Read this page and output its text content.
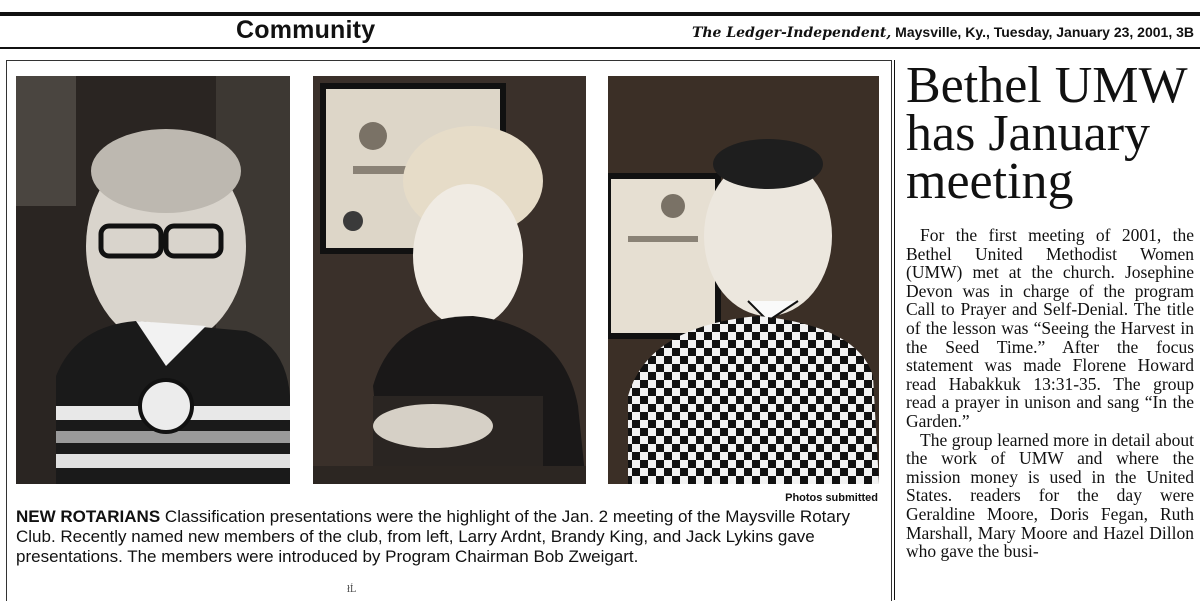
Community	The Ledger-Independent, Maysville, Ky., Tuesday, January 23, 2001, 3B
Photos submitted
NEW ROTARIANS Classification presentations were the highlight of the Jan. 2 meeting of the Maysville Rotary Club. Recently named new members of the club, from left, Larry Ardnt, Brandy King, and Jack Lykins gave presentations. The members were introduced by Program Chairman Bob Zweigart.
łĹ
Bethel UMW has January meeting

For the first meeting of 2001, the Bethel United Methodist Women (UMW) met at the church. Josephine Devon was in charge of the program Call to Prayer and Self-Denial. The title of the lesson was “Seeing the Harvest in the Seed Time.” After the focus statement was made Florene Howard read Habakkuk 13:31-35. The group read a prayer in unison and sang “In the Garden.”

The group learned more in detail about the work of UMW and where the mission money is used in the United States. readers for the day were Geraldine Moore, Doris Fegan, Ruth Marshall, Mary Moore and Hazel Dillon who gave the busi-
